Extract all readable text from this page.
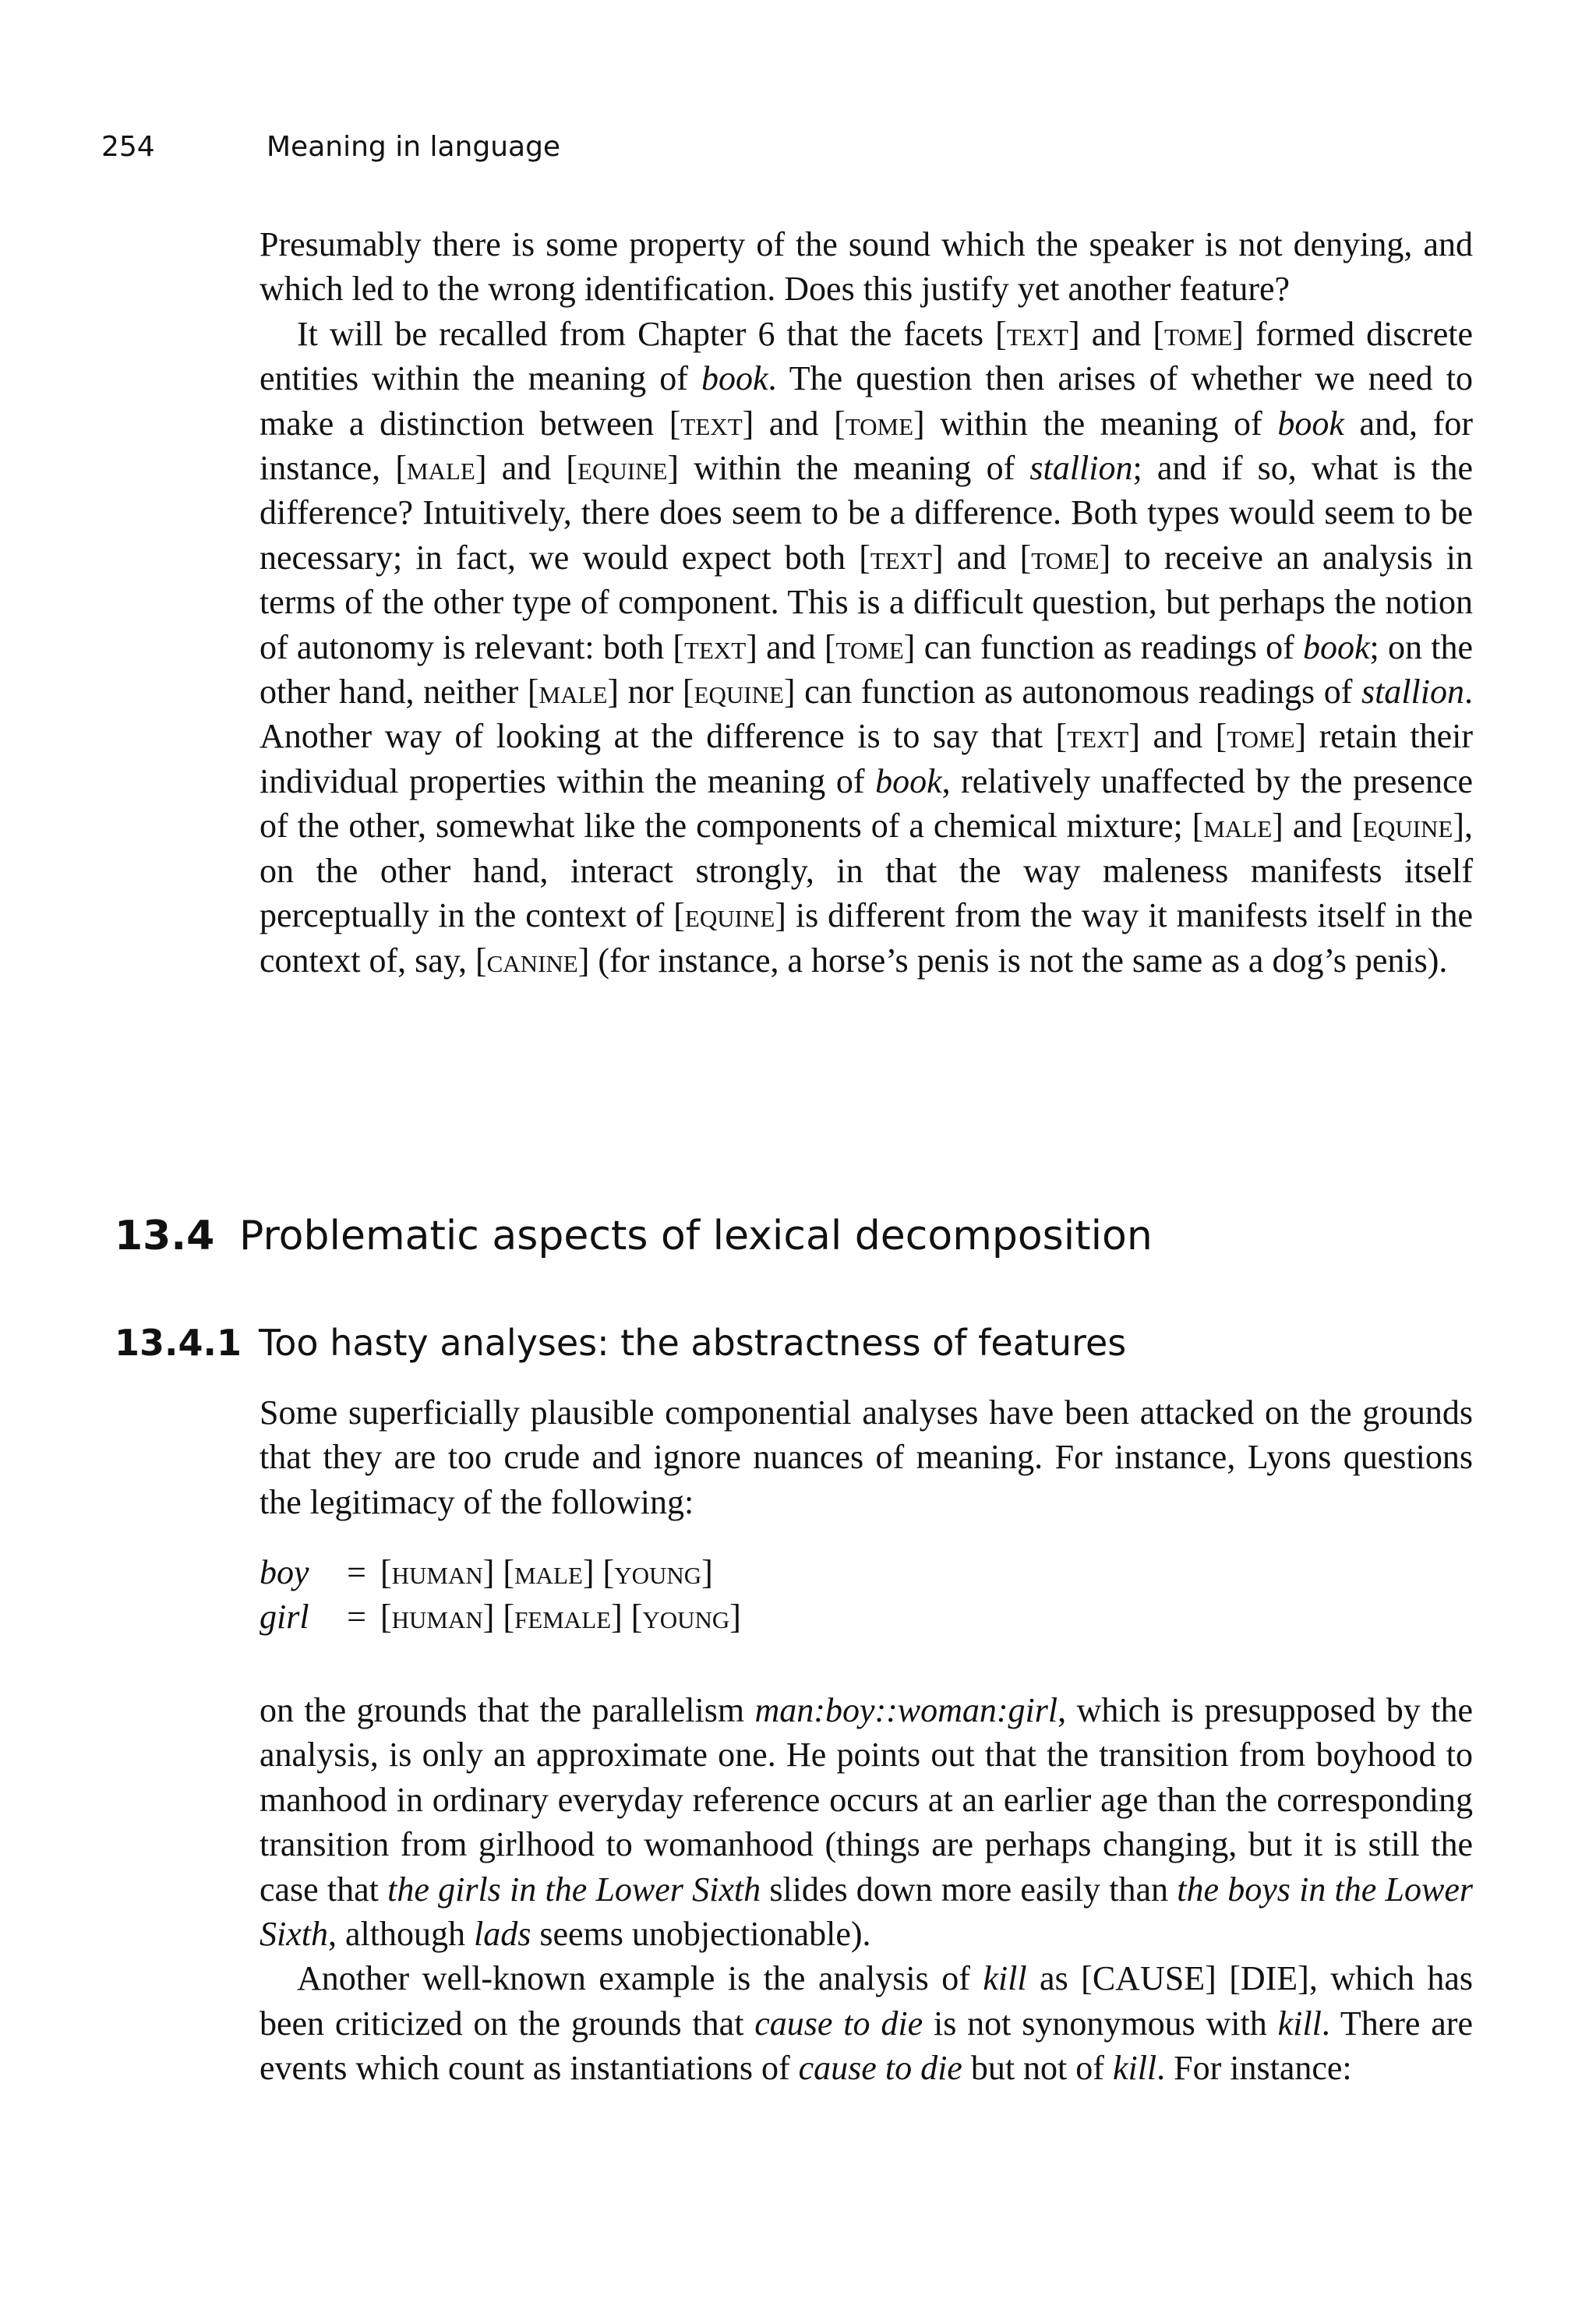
254	Meaning in language

Presumably there is some property of the sound which the speaker is not denying, and which led to the wrong identification. Does this justify yet another feature?

It will be recalled from Chapter 6 that the facets [text] and [tome] formed discrete entities within the meaning of book. The question then arises of whether we need to make a distinction between [text] and [tome] within the meaning of book and, for instance, [male] and [equine] within the meaning of stallion; and if so, what is the difference? Intuitively, there does seem to be a difference. Both types would seem to be necessary; in fact, we would expect both [text] and [tome] to receive an analysis in terms of the other type of component. This is a difficult question, but perhaps the notion of autonomy is relevant: both [text] and [tome] can function as readings of book; on the other hand, neither [male] nor [equine] can function as autonomous readings of stallion. Another way of looking at the difference is to say that [text] and [tome] retain their individual properties within the meaning of book, relatively unaffected by the presence of the other, somewhat like the components of a chemical mixture; [male] and [equine], on the other hand, interact strongly, in that the way maleness manifests itself perceptually in the context of [equine] is different from the way it manifests itself in the context of, say, [canine] (for instance, a horse’s penis is not the same as a dog’s penis).

13.4 Problematic aspects of lexical decomposition
13.4.1 Too hasty analyses: the abstractness of features

Some superficially plausible componential analyses have been attacked on the grounds that they are too crude and ignore nuances of meaning. For instance, Lyons questions the legitimacy of the following:

boy	= [human] [male] [young]
girl	= [human] [female] [young]

on the grounds that the parallelism man:boy::woman:girl, which is presupposed by the analysis, is only an approximate one. He points out that the transition from boyhood to manhood in ordinary everyday reference occurs at an earlier age than the corresponding transition from girlhood to womanhood (things are perhaps changing, but it is still the case that the girls in the Lower Sixth slides down more easily than the boys in the Lower Sixth, although lads seems unobjectionable).

Another well-known example is the analysis of kill as [CAUSE] [DIE], which has been criticized on the grounds that cause to die is not synonymous with kill. There are events which count as instantiations of cause to die but not of kill. For instance:
